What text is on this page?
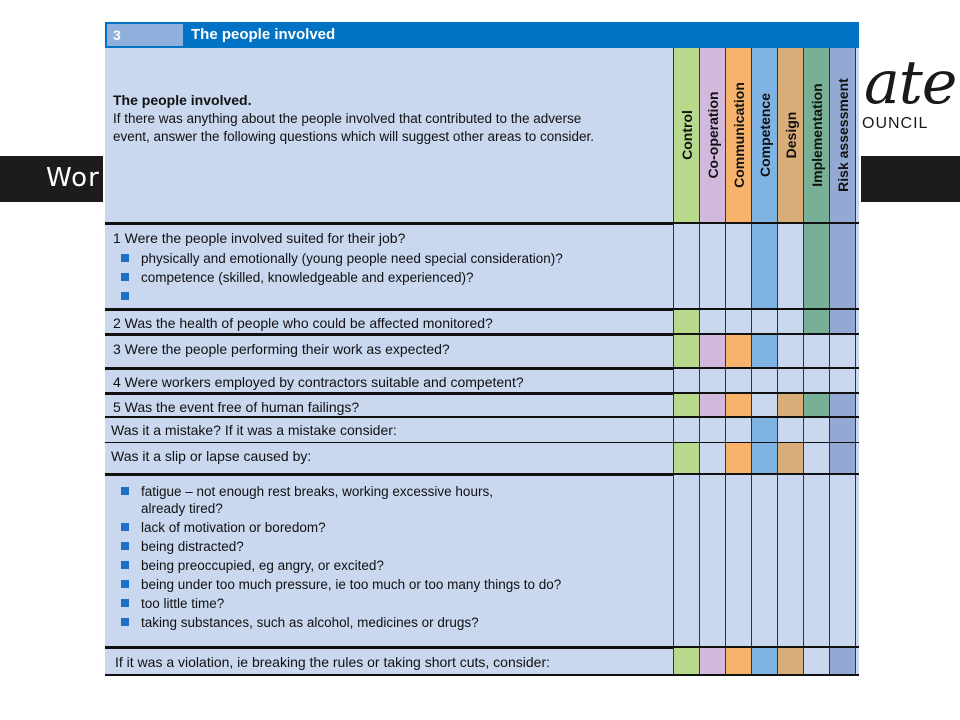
Wor
ate
OUNCIL
3	The people involved
The people involved.
If there was anything about the people involved that contributed to the adverse
event, answer the following questions which will suggest other areas to consider.
1 Were the people involved suited for their job?
physically and emotionally (young people need special consideration)?
competence (skilled, knowledgeable and experienced)?
2 Was the health of people who could be affected monitored?
3 Were the people performing their work as expected?
4 Were workers employed by contractors suitable and competent?
5 Was the event free of human failings?
Was it a mistake? If it was a mistake consider:
Was it a slip or lapse caused by:
fatigue – not enough rest breaks, working excessive hours,
already tired?
lack of motivation or boredom?
being distracted?
being preoccupied, eg angry, or excited?
being under too much pressure, ie too much or too many things to do?
too little time?
taking substances, such as alcohol, medicines or drugs?
If it was a violation, ie breaking the rules or taking short cuts, consider:
Control Co-operation Communication Competence Design Implementation Risk assessment
